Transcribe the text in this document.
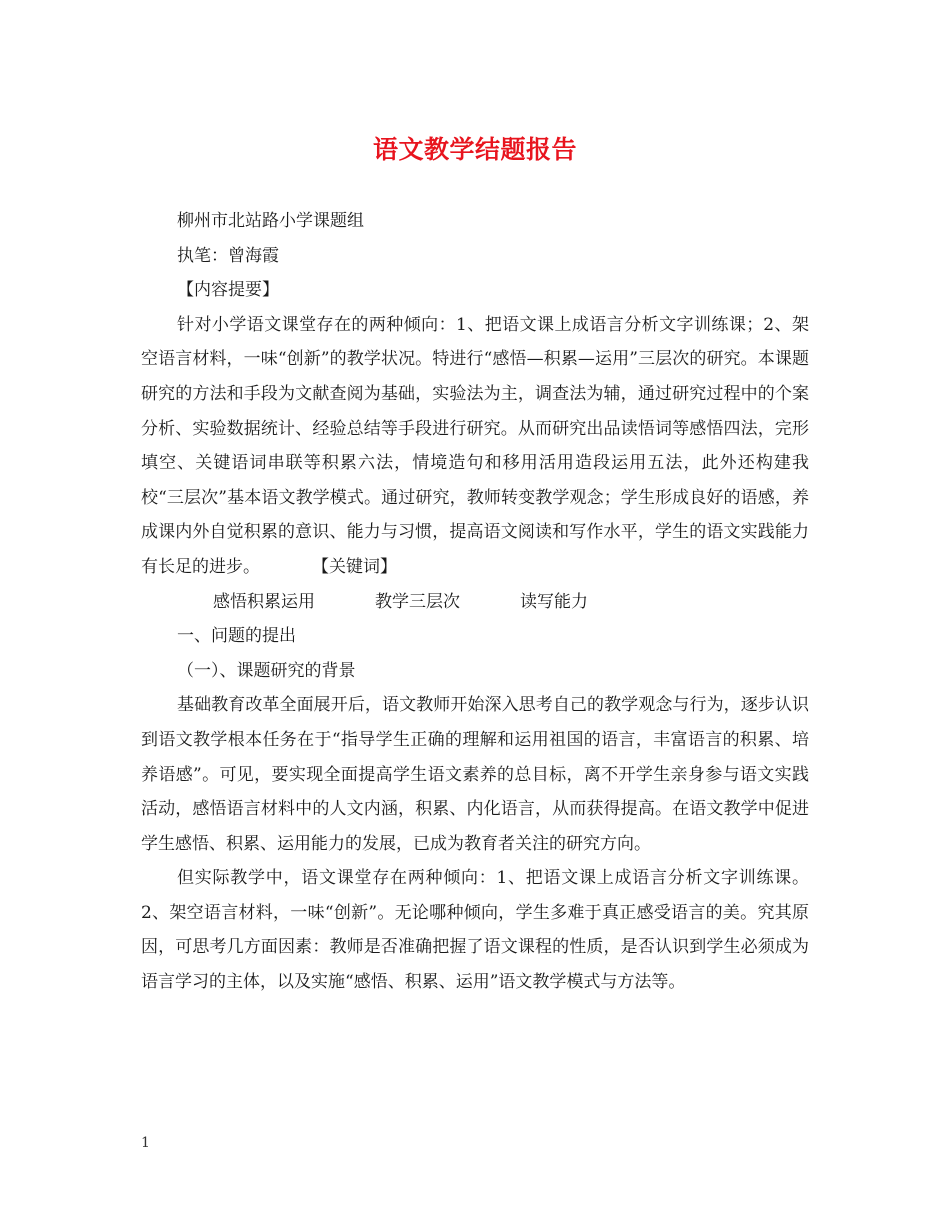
语文教学结题报告

柳州市北站路小学课题组

执笔：曾海霞

【内容提要】

针对小学语文课堂存在的两种倾向：1、把语文课上成语言分析文字训练课；2、架空语言材料，一味“创新”的教学状况。特进行“感悟—积累—运用”三层次的研究。本课题研究的方法和手段为文献查阅为基础，实验法为主，调查法为辅，通过研究过程中的个案分析、实验数据统计、经验总结等手段进行研究。从而研究出品读悟词等感悟四法，完形填空、关键语词串联等积累六法，情境造句和移用活用造段运用五法，此外还构建我校“三层次”基本语文教学模式。通过研究，教师转变教学观念；学生形成良好的语感，养成课内外自觉积累的意识、能力与习惯，提高语文阅读和写作水平，学生的语文实践能力有长足的进步。	【关键词】

感悟积累运用	教学三层次	读写能力

一、问题的提出

（一）、课题研究的背景

基础教育改革全面展开后，语文教师开始深入思考自己的教学观念与行为，逐步认识到语文教学根本任务在于“指导学生正确的理解和运用祖国的语言，丰富语言的积累、培养语感”。可见，要实现全面提高学生语文素养的总目标，离不开学生亲身参与语文实践活动，感悟语言材料中的人文内涵，积累、内化语言，从而获得提高。在语文教学中促进学生感悟、积累、运用能力的发展，已成为教育者关注的研究方向。

但实际教学中，语文课堂存在两种倾向：1、把语文课上成语言分析文字训练课。2、架空语言材料，一味“创新”。无论哪种倾向，学生多难于真正感受语言的美。究其原因，可思考几方面因素：教师是否准确把握了语文课程的性质，是否认识到学生必须成为语言学习的主体，以及实施“感悟、积累、运用”语文教学模式与方法等。

1
